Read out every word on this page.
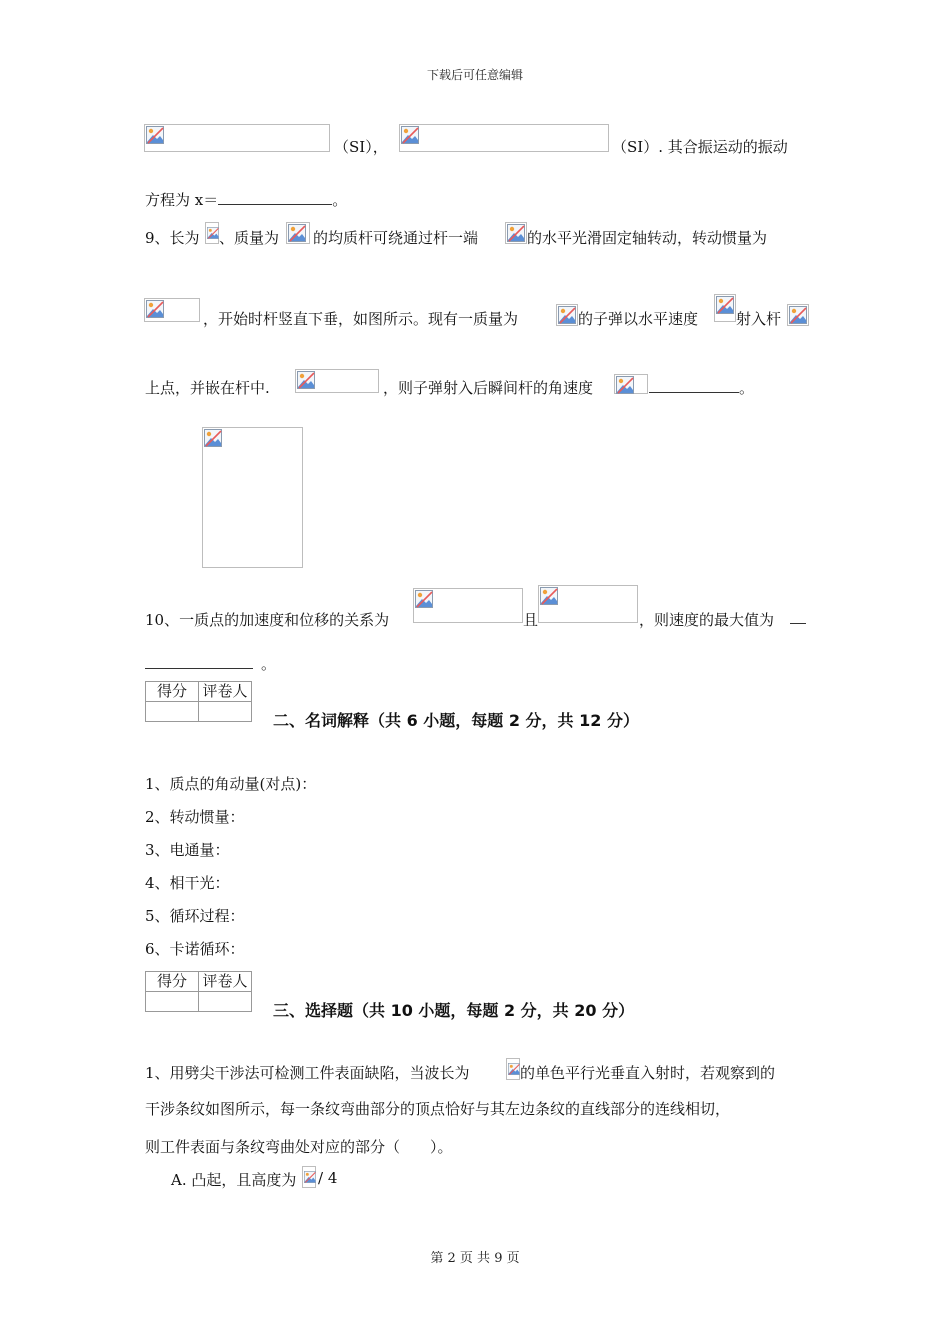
下载后可任意编辑
（SI），	（SI）. 其合振运动的振动
方程为 x＝	。
9、长为 、质量为 的均质杆可绕通过杆一端	的水平光滑固定轴转动，转动惯量为
，开始时杆竖直下垂，如图所示。现有一质量为	的子弹以水平速度	射入杆
上点，并嵌在杆中.	，则子弹射入后瞬间杆的角速度	。
10、一质点的加速度和位移的关系为	且	，则速度的最大值为
。
得分	评卷人

二、名词解释（共 6 小题，每题 2 分，共 12 分）
1、质点的角动量(对点)：
2、转动惯量：
3、电通量：
4、相干光：
5、循环过程：
6、卡诺循环：
得分	评卷人

三、选择题（共 10 小题，每题 2 分，共 20 分）
1、用劈尖干涉法可检测工件表面缺陷，当波长为	的单色平行光垂直入射时，若观察到的
干涉条纹如图所示，每一条纹弯曲部分的顶点恰好与其左边条纹的直线部分的连线相切，
则工件表面与条纹弯曲处对应的部分（　　）。
A. 凸起，且高度为 / 4
第 2 页 共 9 页
